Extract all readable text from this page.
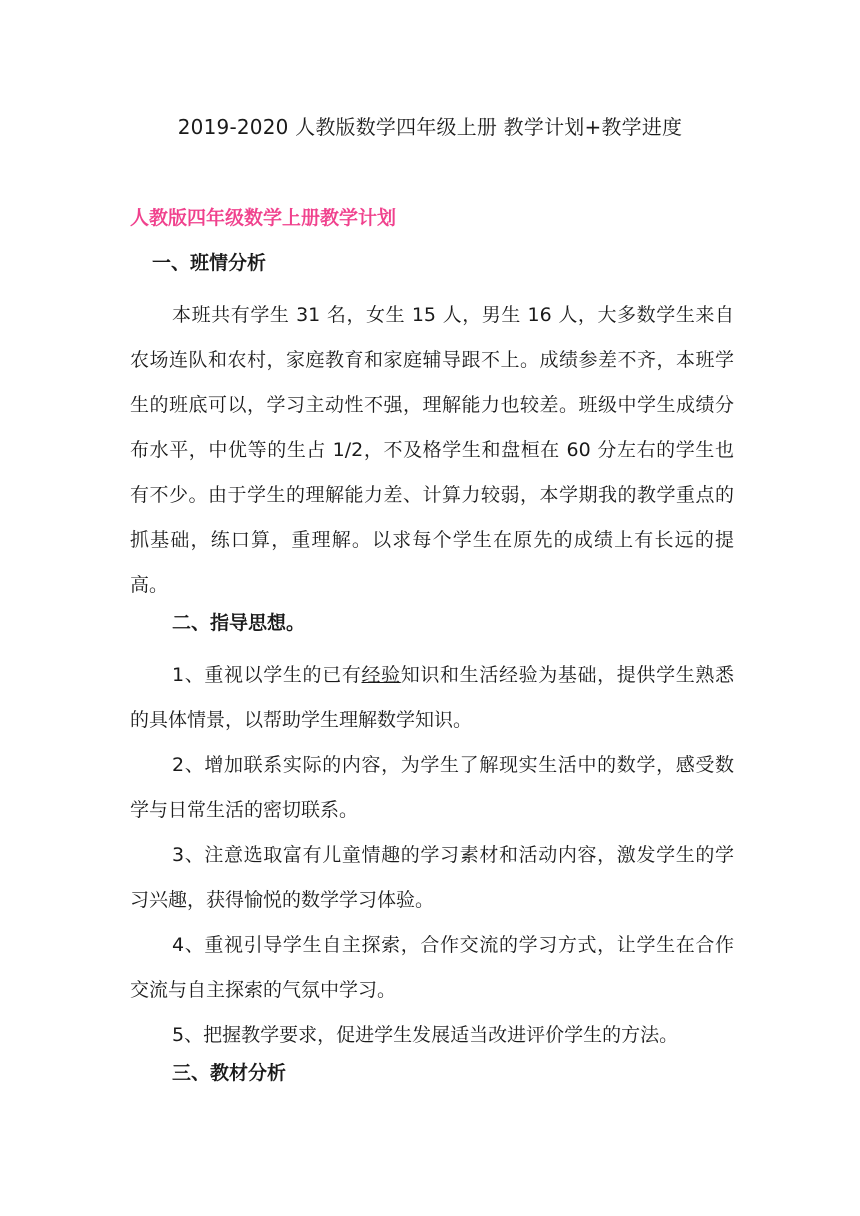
2019-2020 人教版数学四年级上册 教学计划+教学进度
人教版四年级数学上册教学计划
一、班情分析
本班共有学生 31 名，女生 15 人，男生 16 人，大多数学生来自农场连队和农村，家庭教育和家庭辅导跟不上。成绩参差不齐，本班学生的班底可以，学习主动性不强，理解能力也较差。班级中学生成绩分布水平，中优等的生占 1/2，不及格学生和盘桓在 60 分左右的学生也有不少。由于学生的理解能力差、计算力较弱，本学期我的教学重点的抓基础，练口算，重理解。以求每个学生在原先的成绩上有长远的提高。
二、指导思想。
1、重视以学生的已有经验知识和生活经验为基础，提供学生熟悉的具体情景，以帮助学生理解数学知识。
2、增加联系实际的内容，为学生了解现实生活中的数学，感受数学与日常生活的密切联系。
3、注意选取富有儿童情趣的学习素材和活动内容，激发学生的学习兴趣，获得愉悦的数学学习体验。
4、重视引导学生自主探索，合作交流的学习方式，让学生在合作交流与自主探索的气氛中学习。
5、把握教学要求，促进学生发展适当改进评价学生的方法。
三、教材分析
